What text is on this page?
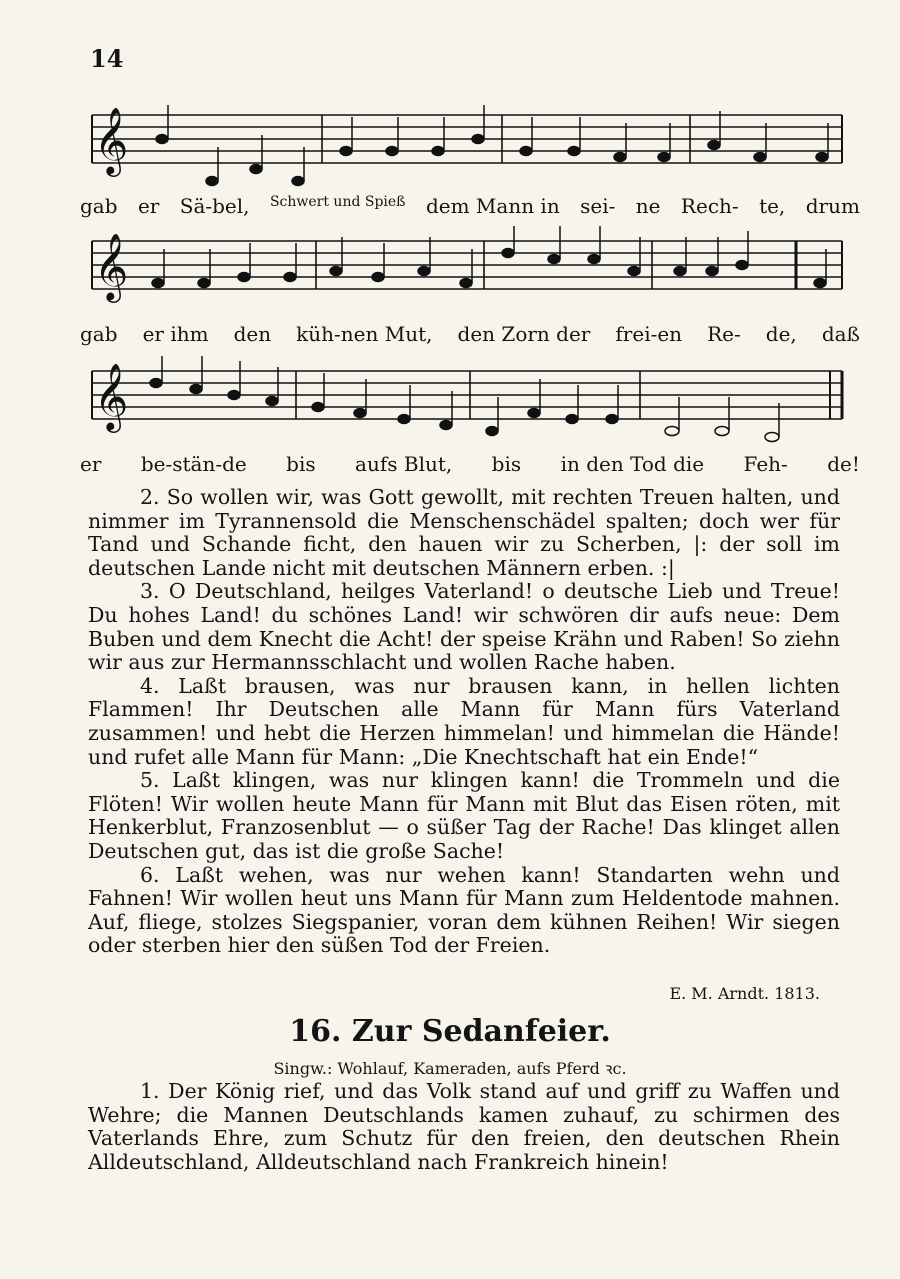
14
𝄞
gab er Sä-bel, Schwert und Spieß dem Mann in sei- ne Rech- te, drum
𝄞
gab er ihm den küh-nen Mut, den Zorn der frei-en Re- de, daß
𝄞
er be-stän-de bis aufs Blut, bis in den Tod die Feh- de!

2. So wollen wir, was Gott gewollt, mit rechten Treuen halten, und nimmer im Tyrannensold die Menschenschädel spalten; doch wer für Tand und Schande ficht, den hauen wir zu Scherben, |: der soll im deutschen Lande nicht mit deutschen Männern erben. :|

3. O Deutschland, heilges Vaterland! o deutsche Lieb und Treue! Du hohes Land! du schönes Land! wir schwören dir aufs neue: Dem Buben und dem Knecht die Acht! der speise Krähn und Raben! So ziehn wir aus zur Hermannsschlacht und wollen Rache haben.

4. Laßt brausen, was nur brausen kann, in hellen lichten Flammen! Ihr Deutschen alle Mann für Mann fürs Vaterland zusammen! und hebt die Herzen himmelan! und himmelan die Hände! und rufet alle Mann für Mann: „Die Knechtschaft hat ein Ende!“

5. Laßt klingen, was nur klingen kann! die Trommeln und die Flöten! Wir wollen heute Mann für Mann mit Blut das Eisen röten, mit Henkerblut, Franzosenblut — o süßer Tag der Rache! Das klinget allen Deutschen gut, das ist die große Sache!

6. Laßt wehen, was nur wehen kann! Standarten wehn und Fahnen! Wir wollen heut uns Mann für Mann zum Heldentode mahnen. Auf, fliege, stolzes Siegspanier, voran dem kühnen Reihen! Wir siegen oder sterben hier den süßen Tod der Freien.

E. M. Arndt. 1813.
16. Zur Sedanfeier.
Singw.: Wohlauf, Kameraden, aufs Pferd ꝛc.

1. Der König rief, und das Volk stand auf und griff zu Waffen und Wehre; die Mannen Deutschlands kamen zuhauf, zu schirmen des Vaterlands Ehre, zum Schutz für den freien, den deutschen Rhein Alldeutschland, Alldeutschland nach Frankreich hinein!
